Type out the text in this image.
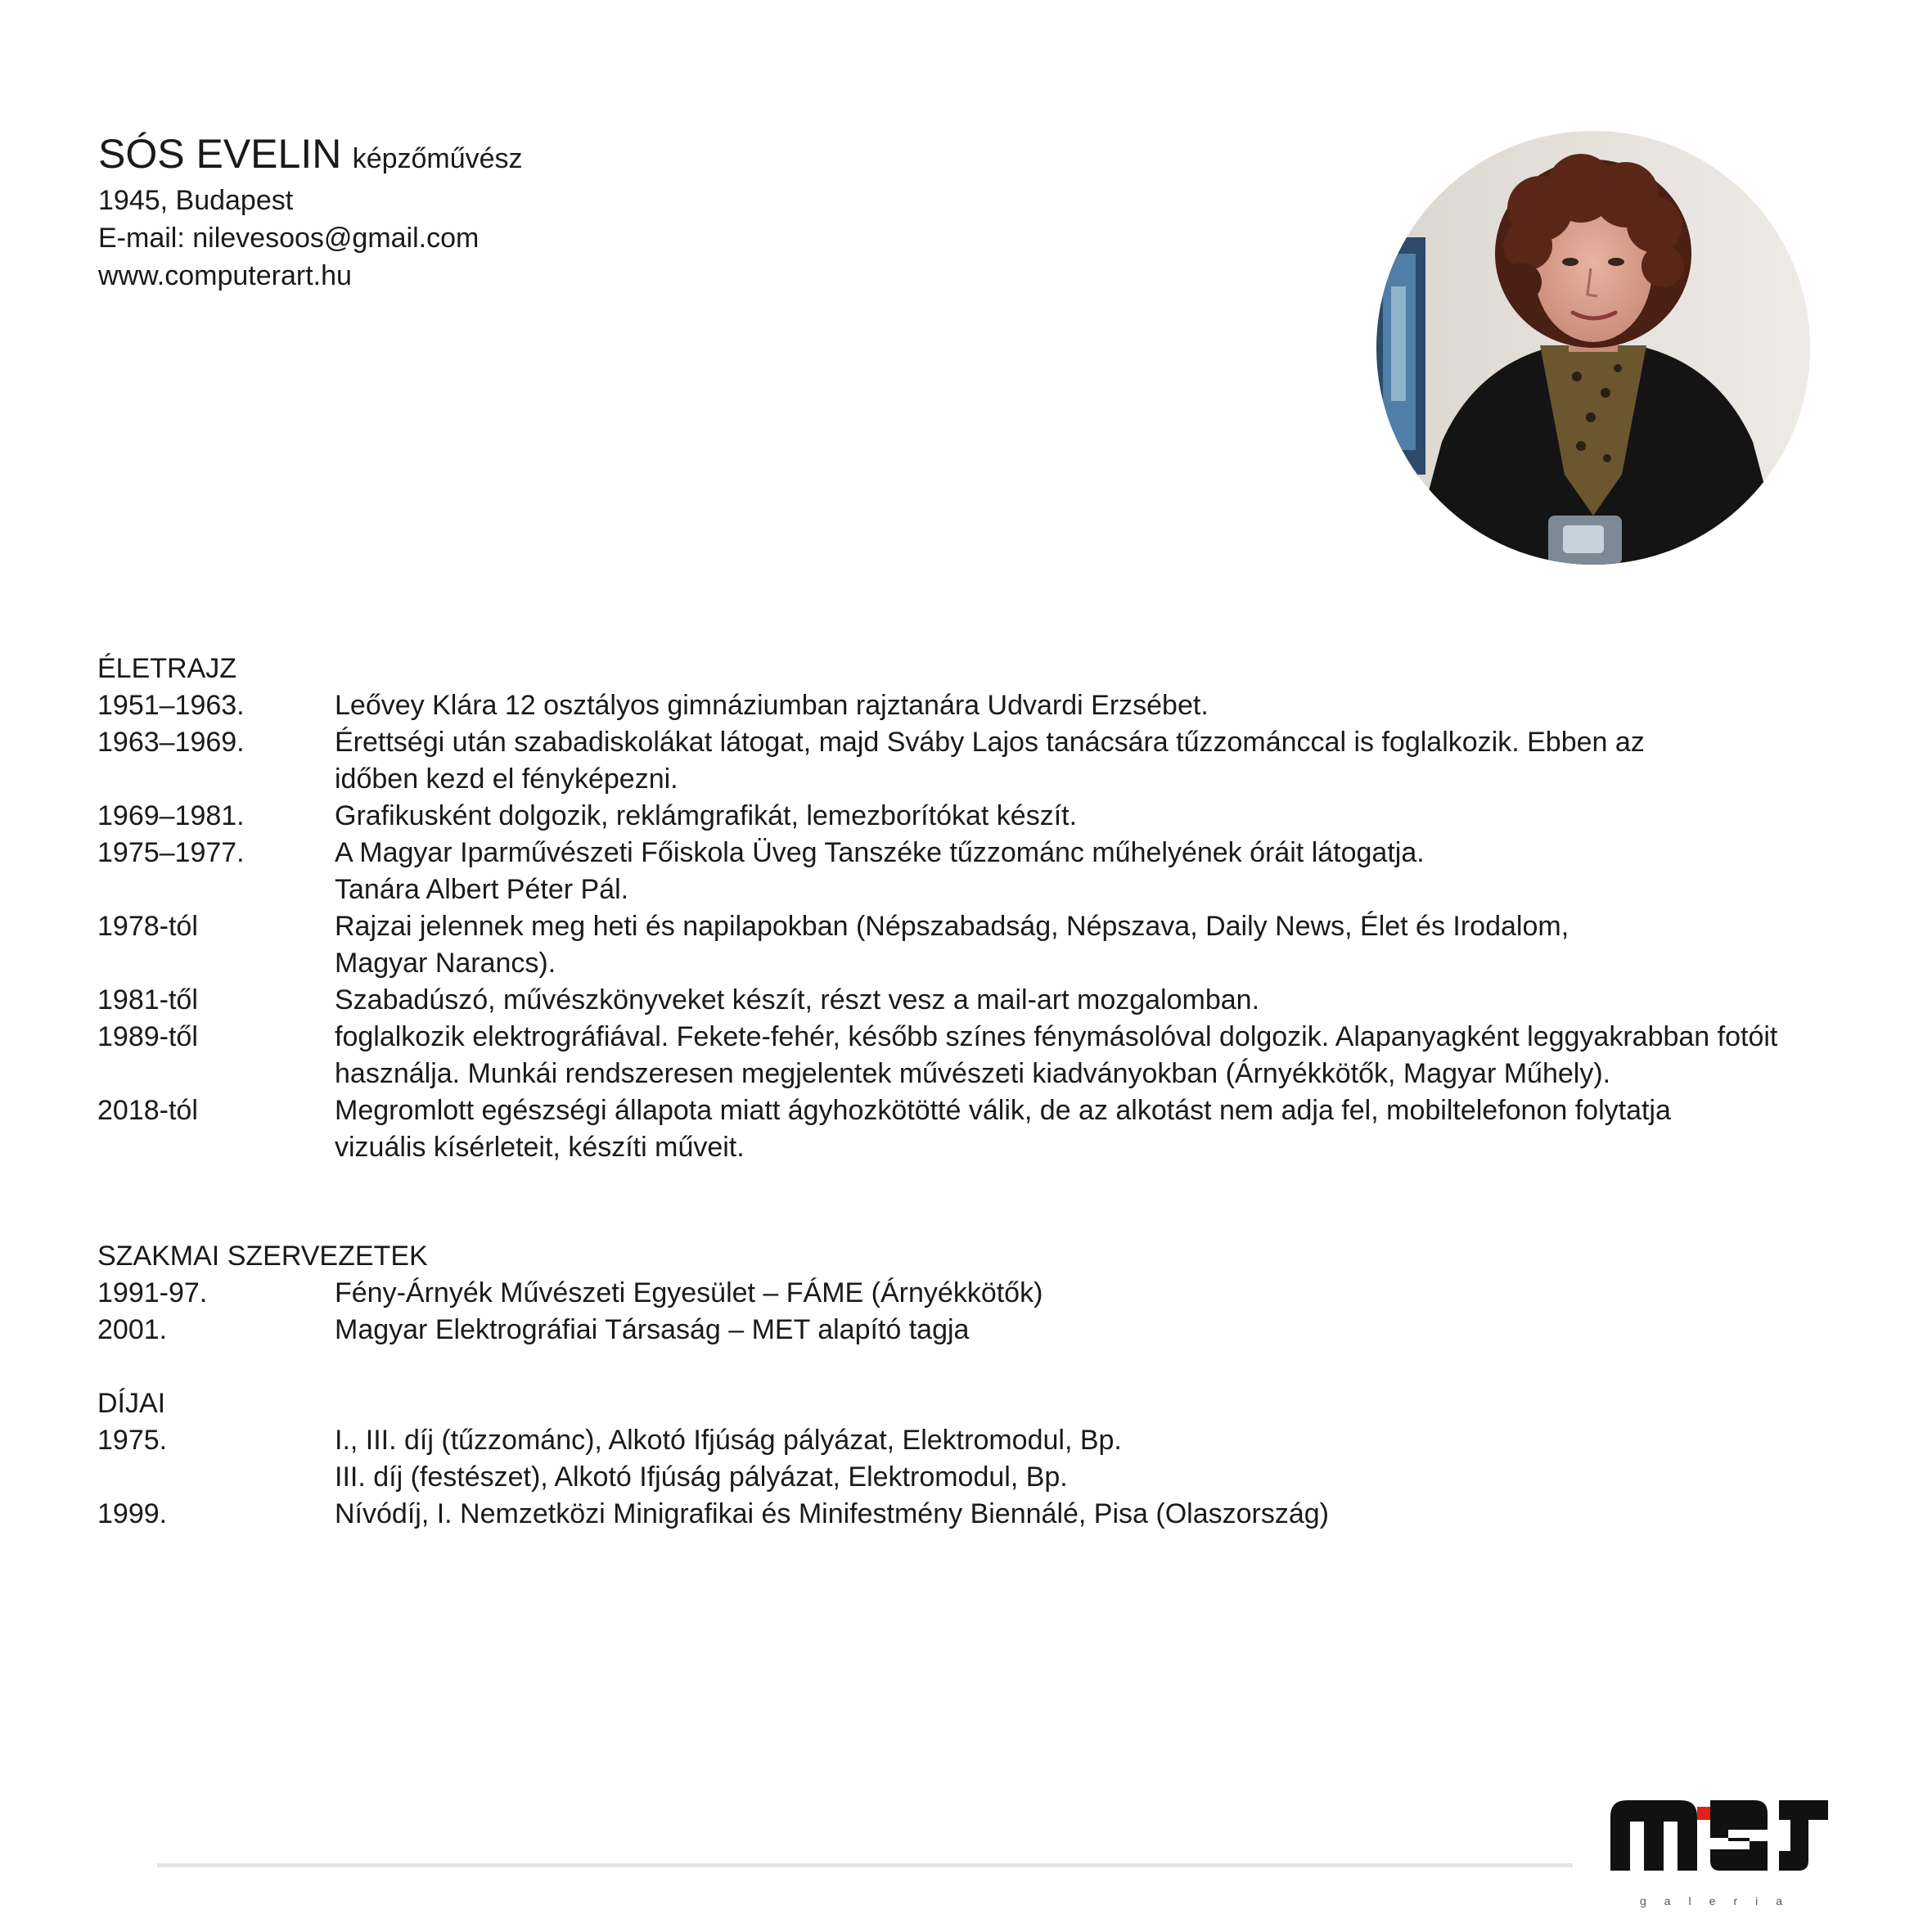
SÓS EVELIN képzőművész
1945, Budapest
E-mail: nilevesoos@gmail.com
www.computerart.hu
ÉLETRAJZ
1951–1963.	Leővey Klára 12 osztályos gimnáziumban rajztanára Udvardi Erzsébet.
1963–1969.	Érettségi után szabadiskolákat látogat, majd Sváby Lajos tanácsára tűzzománccal is foglalkozik. Ebben az
időben kezd el fényképezni.
1969–1981.	Grafikusként dolgozik, reklámgrafikát, lemezborítókat készít.
1975–1977.	A Magyar Iparművészeti Főiskola Üveg Tanszéke tűzzománc műhelyének óráit látogatja.
Tanára Albert Péter Pál.
1978-tól	Rajzai jelennek meg heti és napilapokban (Népszabadság, Népszava, Daily News, Élet és Irodalom,
Magyar Narancs).
1981-től	Szabadúszó, művészkönyveket készít, részt vesz a mail-art mozgalomban.
1989-től	foglalkozik elektrográfiával. Fekete-fehér, később színes fénymásolóval dolgozik. Alapanyagként leggyakrabban fotóit
használja. Munkái rendszeresen megjelentek művészeti kiadványokban (Árnyékkötők, Magyar Műhely).
2018-tól	Megromlott egészségi állapota miatt ágyhozkötötté válik, de az alkotást nem adja fel, mobiltelefonon folytatja
vizuális kísérleteit, készíti műveit.
SZAKMAI SZERVEZETEK
1991-97.	Fény-Árnyék Művészeti Egyesület – FÁME (Árnyékkötők)
2001.	Magyar Elektrográfiai Társaság – MET alapító tagja
DÍJAI
1975.	I., III. díj (tűzzománc), Alkotó Ifjúság pályázat, Elektromodul, Bp.
III. díj (festészet), Alkotó Ifjúság pályázat, Elektromodul, Bp.
1999.	Nívódíj, I. Nemzetközi Minigrafikai és Minifestmény Biennálé, Pisa (Olaszország)
galeria
